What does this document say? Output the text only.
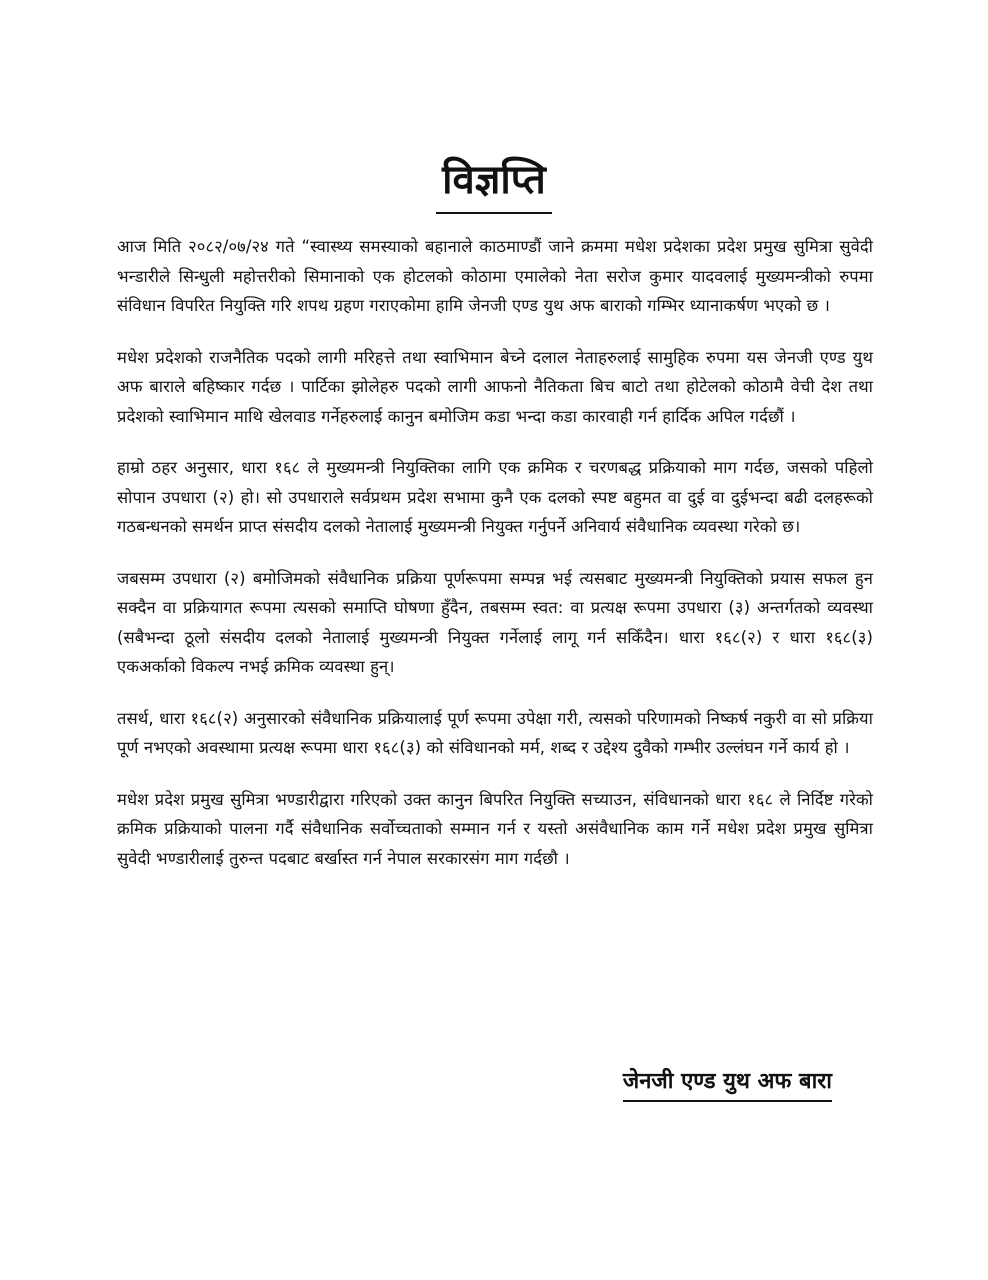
विज्ञप्ति

आज मिति २०८२/०७/२४ गते “स्वास्थ्य समस्याको बहानाले काठमाण्डौं जाने क्रममा मधेश प्रदेशका प्रदेश प्रमुख सुमित्रा सुवेदी भन्डारीले सिन्धुली महोत्तरीको सिमानाको एक होटलको कोठामा एमालेको नेता सरोज कुमार यादवलाई मुख्यमन्त्रीको रुपमा संविधान विपरित नियुक्ति गरि शपथ ग्रहण गराएकोमा हामि जेनजी एण्ड युथ अफ बाराको गम्भिर ध्यानाकर्षण भएको छ ।

मधेश प्रदेशको राजनैतिक पदको लागी मरिहत्ते तथा स्वाभिमान बेच्ने दलाल नेताहरुलाई सामुहिक रुपमा यस जेनजी एण्ड युथ अफ बाराले बहिष्कार गर्दछ । पार्टिका झोलेहरु पदको लागी आफनो नैतिकता बिच बाटो तथा होटेलको कोठामै वेची देश तथा प्रदेशको स्वाभिमान माथि खेलवाड गर्नेहरुलाई कानुन बमोजिम कडा भन्दा कडा कारवाही गर्न हार्दिक अपिल गर्दछौं ।

हाम्रो ठहर अनुसार, धारा १६८ ले मुख्यमन्त्री नियुक्तिका लागि एक क्रमिक र चरणबद्ध प्रक्रियाको माग गर्दछ, जसको पहिलो सोपान उपधारा (२) हो। सो उपधाराले सर्वप्रथम प्रदेश सभामा कुनै एक दलको स्पष्ट बहुमत वा दुई वा दुईभन्दा बढी दलहरूको गठबन्धनको समर्थन प्राप्त संसदीय दलको नेतालाई मुख्यमन्त्री नियुक्त गर्नुपर्ने अनिवार्य संवैधानिक व्यवस्था गरेको छ।

जबसम्म उपधारा (२) बमोजिमको संवैधानिक प्रक्रिया पूर्णरूपमा सम्पन्न भई त्यसबाट मुख्यमन्त्री नियुक्तिको प्रयास सफल हुन सक्दैन वा प्रक्रियागत रूपमा त्यसको समाप्ति घोषणा हुँदैन, तबसम्म स्वत: वा प्रत्यक्ष रूपमा उपधारा (३) अन्तर्गतको व्यवस्था (सबैभन्दा ठूलो संसदीय दलको नेतालाई मुख्यमन्त्री नियुक्त गर्नेलाई लागू गर्न सकिँदैन। धारा १६८(२) र धारा १६८(३) एकअर्काको विकल्प नभई क्रमिक व्यवस्था हुन्।

तसर्थ, धारा १६८(२) अनुसारको संवैधानिक प्रक्रियालाई पूर्ण रूपमा उपेक्षा गरी, त्यसको परिणामको निष्कर्ष नकुरी वा सो प्रक्रिया पूर्ण नभएको अवस्थामा प्रत्यक्ष रूपमा धारा १६८(३) को संविधानको मर्म, शब्द र उद्देश्य दुवैको गम्भीर उल्लंघन गर्ने कार्य हो ।

मधेश प्रदेश प्रमुख सुमित्रा भण्डारीद्वारा गरिएको उक्त कानुन बिपरित नियुक्ति सच्याउन, संविधानको धारा १६८ ले निर्दिष्ट गरेको क्रमिक प्रक्रियाको पालना गर्दै संवैधानिक सर्वोच्चताको सम्मान गर्न र यस्तो असंवैधानिक काम गर्ने मधेश प्रदेश प्रमुख सुमित्रा सुवेदी भण्डारीलाई तुरुन्त पदबाट बर्खास्त गर्न नेपाल सरकारसंग माग गर्दछौ ।

जेनजी एण्ड युथ अफ बारा
